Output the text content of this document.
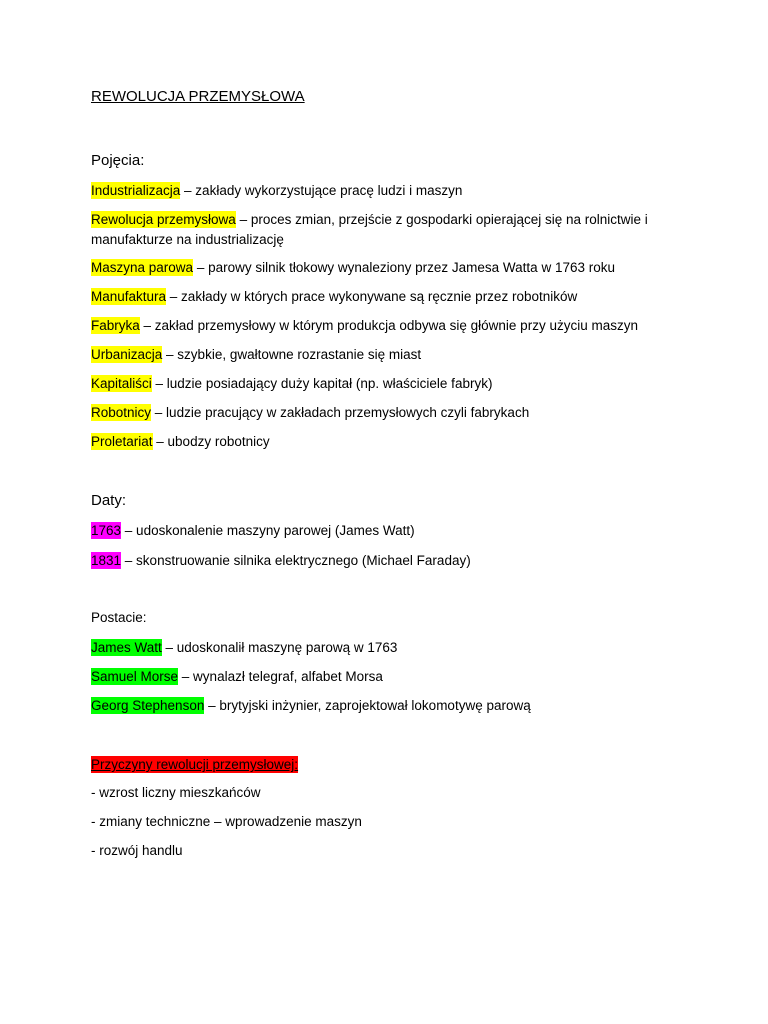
REWOLUCJA PRZEMYSŁOWA
Pojęcia:
Industrializacja – zakłady wykorzystujące pracę ludzi i maszyn
Rewolucja przemysłowa – proces zmian, przejście z gospodarki opierającej się na rolnictwie i manufakturze na industrializację
Maszyna parowa – parowy silnik tłokowy wynaleziony przez Jamesa Watta w 1763 roku
Manufaktura – zakłady w których prace wykonywane są ręcznie przez robotników
Fabryka – zakład przemysłowy w którym produkcja odbywa się głównie przy użyciu maszyn
Urbanizacja – szybkie, gwałtowne rozrastanie się miast
Kapitaliści – ludzie posiadający duży kapitał (np. właściciele fabryk)
Robotnicy – ludzie pracujący w zakładach przemysłowych czyli fabrykach
Proletariat – ubodzy robotnicy
Daty:
1763 – udoskonalenie maszyny parowej (James Watt)
1831 – skonstruowanie silnika elektrycznego (Michael Faraday)
Postacie:
James Watt – udoskonalił maszynę parową w 1763
Samuel Morse – wynalazł telegraf, alfabet Morsa
Georg Stephenson – brytyjski inżynier, zaprojektował lokomotywę parową
Przyczyny rewolucji przemysłowej:
- wzrost liczny mieszkańców
- zmiany techniczne – wprowadzenie maszyn
- rozwój handlu
